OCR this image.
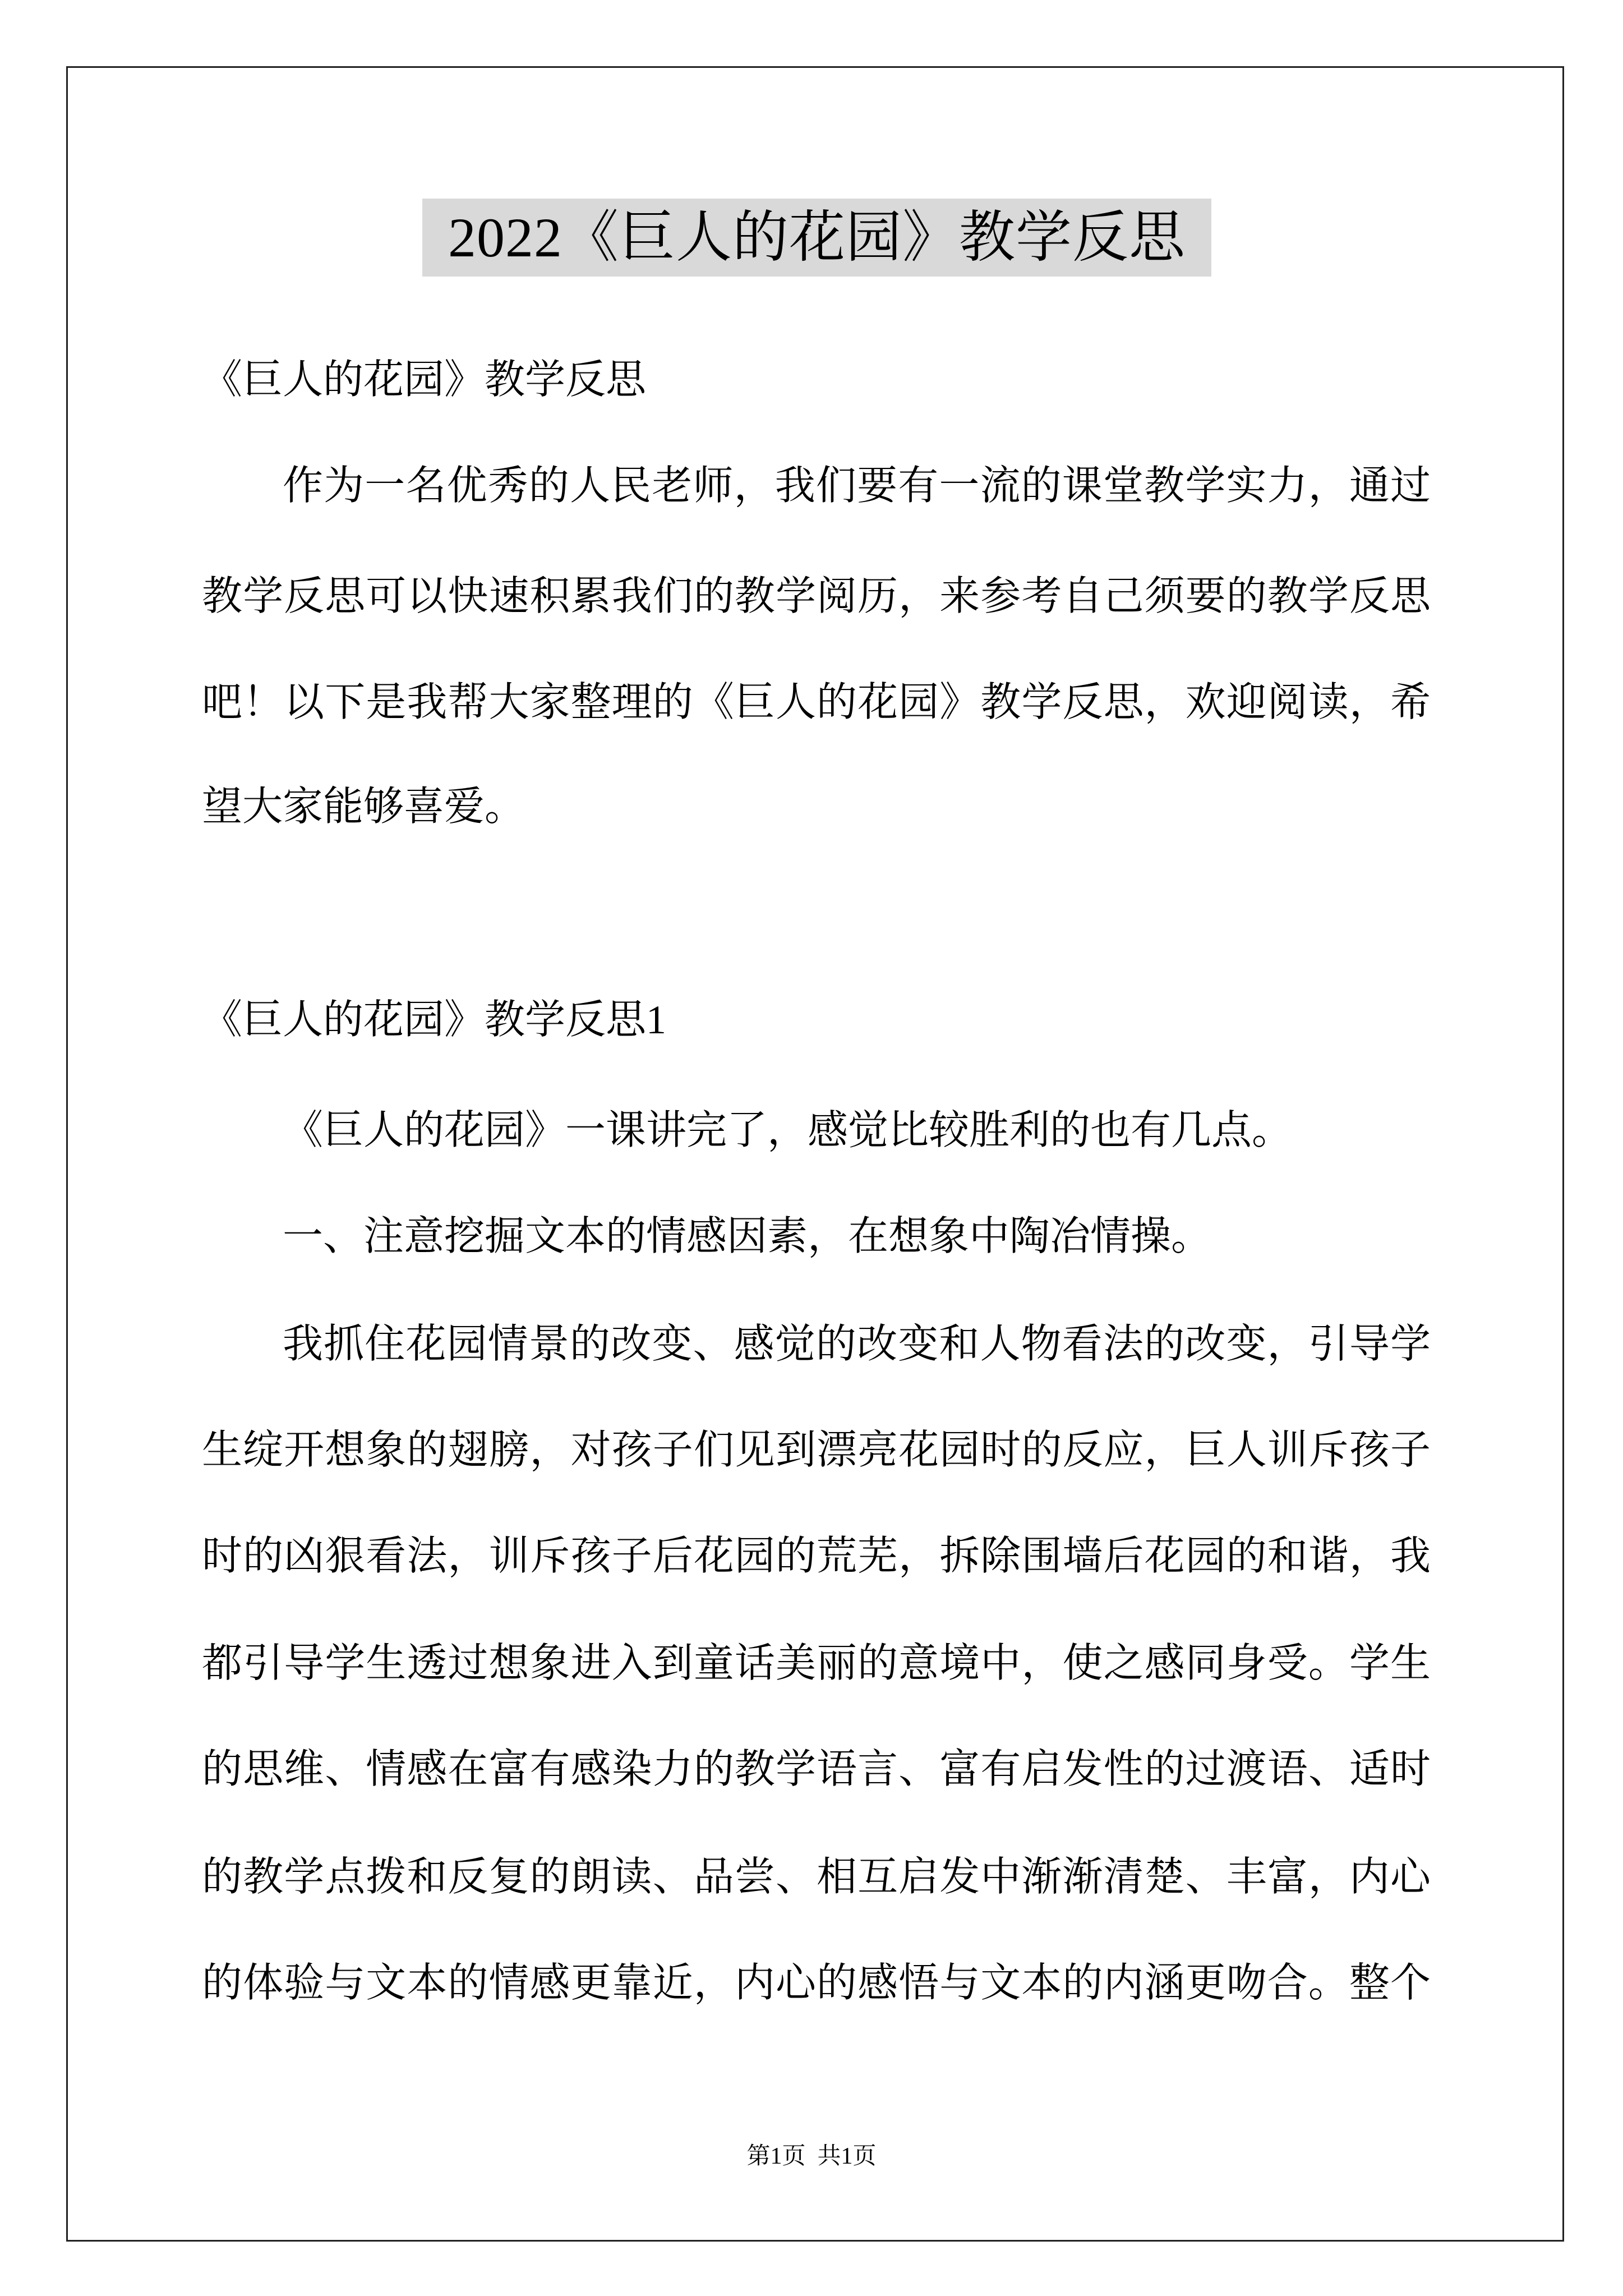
2022《巨人的花园》教学反思
《巨人的花园》教学反思
作为一名优秀的人民老师，我们要有一流的课堂教学实力，通过
教学反思可以快速积累我们的教学阅历，来参考自己须要的教学反思
吧！以下是我帮大家整理的《巨人的花园》教学反思，欢迎阅读，希
望大家能够喜爱。
《巨人的花园》教学反思1
《巨人的花园》一课讲完了，感觉比较胜利的也有几点。
一、注意挖掘文本的情感因素，在想象中陶冶情操。
我抓住花园情景的改变、感觉的改变和人物看法的改变，引导学
生绽开想象的翅膀，对孩子们见到漂亮花园时的反应，巨人训斥孩子
时的凶狠看法，训斥孩子后花园的荒芜，拆除围墙后花园的和谐，我
都引导学生透过想象进入到童话美丽的意境中，使之感同身受。学生
的思维、情感在富有感染力的教学语言、富有启发性的过渡语、适时
的教学点拨和反复的朗读、品尝、相互启发中渐渐清楚、丰富，内心
的体验与文本的情感更靠近，内心的感悟与文本的内涵更吻合。整个
第1页  共1页
